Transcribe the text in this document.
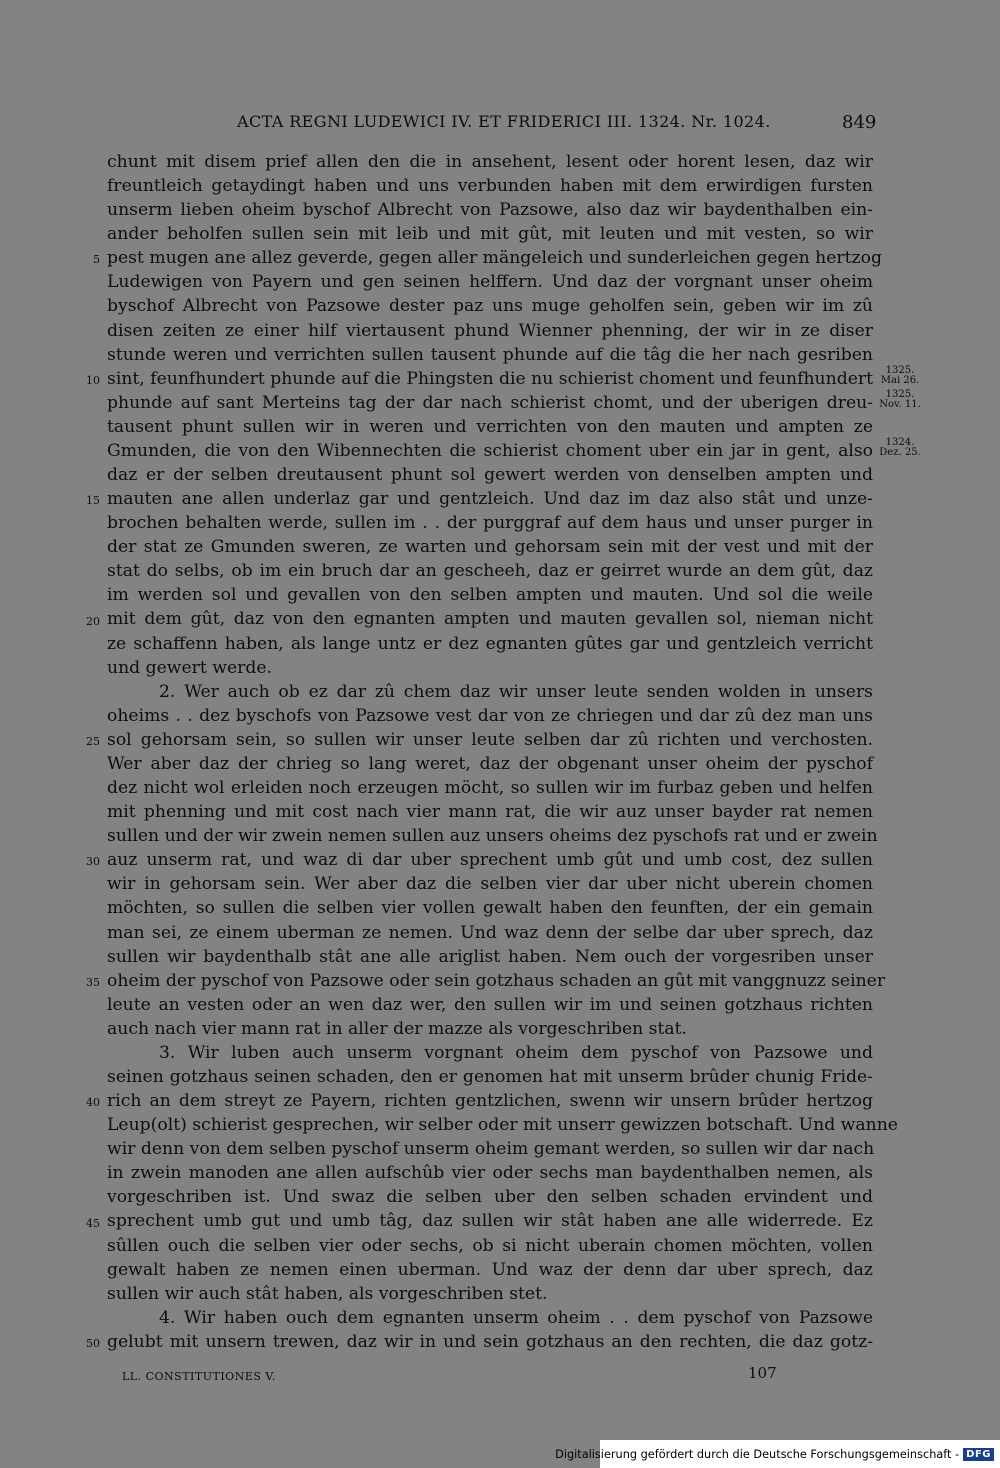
ACTA REGNI LUDEWICI IV. ET FRIDERICI III. 1324. Nr. 1024.	849
chunt mit disem prief allen den die in ansehent, lesent oder horent lesen, daz wir
freuntleich getaydingt haben und uns verbunden haben mit dem erwirdigen fursten
unserm lieben oheim byschof Albrecht von Pazsowe, also daz wir baydenthalben ein-
ander beholfen sullen sein mit leib und mit gût, mit leuten und mit vesten, so wir
pest mugen ane allez geverde, gegen aller mängeleich und sunderleichen gegen hertzog
Ludewigen von Payern und gen seinen helffern. Und daz der vorgnant unser oheim
byschof Albrecht von Pazsowe dester paz uns muge geholfen sein, geben wir im zû
disen zeiten ze einer hilf viertausent phund Wienner phenning, der wir in ze diser
stunde weren und verrichten sullen tausent phunde auf die tâg die her nach gesriben
sint, feunfhundert phunde auf die Phingsten die nu schierist choment und feunfhundert
phunde auf sant Merteins tag der dar nach schierist chomt, und der uberigen dreu-
tausent phunt sullen wir in weren und verrichten von den mauten und ampten ze
Gmunden, die von den Wibennechten die schierist choment uber ein jar in gent, also
daz er der selben dreutausent phunt sol gewert werden von denselben ampten und
mauten ane allen underlaz gar und gentzleich. Und daz im daz also stât und unze-
brochen behalten werde, sullen im . . der purggraf auf dem haus und unser purger in
der stat ze Gmunden sweren, ze warten und gehorsam sein mit der vest und mit der
stat do selbs, ob im ein bruch dar an gescheeh, daz er geirret wurde an dem gût, daz
im werden sol und gevallen von den selben ampten und mauten. Und sol die weile
mit dem gût, daz von den egnanten ampten und mauten gevallen sol, nieman nicht
ze schaffenn haben, als lange untz er dez egnanten gûtes gar und gentzleich verricht
und gewert werde.
2. Wer auch ob ez dar zû chem daz wir unser leute senden wolden in unsers
oheims . . dez byschofs von Pazsowe vest dar von ze chriegen und dar zû dez man uns
sol gehorsam sein, so sullen wir unser leute selben dar zû richten und verchosten.
Wer aber daz der chrieg so lang weret, daz der obgenant unser oheim der pyschof
dez nicht wol erleiden noch erzeugen möcht, so sullen wir im furbaz geben und helfen
mit phenning und mit cost nach vier mann rat, die wir auz unser bayder rat nemen
sullen und der wir zwein nemen sullen auz unsers oheims dez pyschofs rat und er zwein
auz unserm rat, und waz di dar uber sprechent umb gût und umb cost, dez sullen
wir in gehorsam sein. Wer aber daz die selben vier dar uber nicht uberein chomen
möchten, so sullen die selben vier vollen gewalt haben den feunften, der ein gemain
man sei, ze einem uberman ze nemen. Und waz denn der selbe dar uber sprech, daz
sullen wir baydenthalb stât ane alle ariglist haben. Nem ouch der vorgesriben unser
oheim der pyschof von Pazsowe oder sein gotzhaus schaden an gût mit vanggnuzz seiner
leute an vesten oder an wen daz wer, den sullen wir im und seinen gotzhaus richten
auch nach vier mann rat in aller der mazze als vorgeschriben stat.
3. Wir luben auch unserm vorgnant oheim dem pyschof von Pazsowe und
seinen gotzhaus seinen schaden, den er genomen hat mit unserm brûder chunig Fride-
rich an dem streyt ze Payern, richten gentzlichen, swenn wir unsern brûder hertzog
Leup(olt) schierist gesprechen, wir selber oder mit unserr gewizzen botschaft. Und wanne
wir denn von dem selben pyschof unserm oheim gemant werden, so sullen wir dar nach
in zwein manoden ane allen aufschûb vier oder sechs man baydenthalben nemen, als
vorgeschriben ist. Und swaz die selben uber den selben schaden ervindent und
sprechent umb gut und umb tâg, daz sullen wir stât haben ane alle widerrede. Ez
sûllen ouch die selben vier oder sechs, ob si nicht uberain chomen möchten, vollen
gewalt haben ze nemen einen uberman. Und waz der denn dar uber sprech, daz
sullen wir auch stât haben, als vorgeschriben stet.
4. Wir haben ouch dem egnanten unserm oheim . . dem pyschof von Pazsowe
gelubt mit unsern trewen, daz wir in und sein gotzhaus an den rechten, die daz gotz-
5
10
15
20
25
30
35
40
45
50
1325.
Mai 26.
1325.
Nov. 11.
1324.
Dez. 25.
LL. CONSTITUTIONES V.	107
Digitalisierung gefördert durch die Deutsche Forschungsgemeinschaft - DFG
